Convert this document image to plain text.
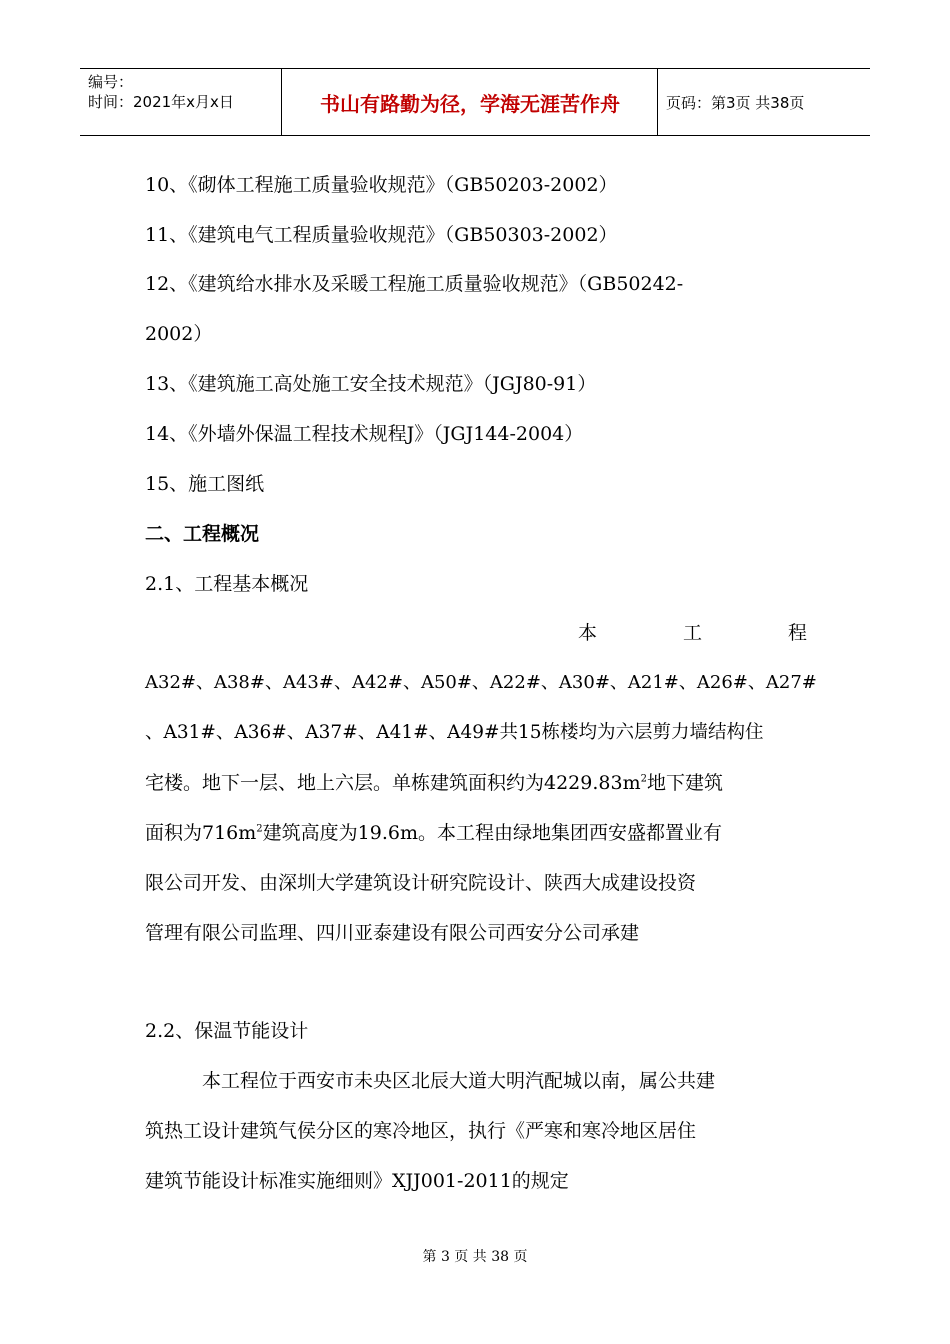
编号：
时间：2021年x月x日	书山有路勤为径，学海无涯苦作舟	页码：第3页 共38页
10、《砌体工程施工质量验收规范》（GB50203-2002）
11、《建筑电气工程质量验收规范》（GB50303-2002）
12、《建筑给水排水及采暖工程施工质量验收规范》（GB50242-
2002）
13、《建筑施工高处施工安全技术规范》（JGJ80-91）
14、《外墙外保温工程技术规程J》（JGJ144-2004）
15、施工图纸
二、工程概况
2.1、工程基本概况
本	工	程
A32#、A38#、A43#、A42#、A50#、A22#、A30#、A21#、A26#、A27#
、A31#、A36#、A37#、A41#、A49#共15栋楼均为六层剪力墙结构住
宅楼。地下一层、地上六层。单栋建筑面积约为$4229.83m^2$地下建筑
面积为$716m^2$建筑高度为19.6m。本工程由绿地集团西安盛都置业有
限公司开发、由深圳大学建筑设计研究院设计、陕西大成建设投资
管理有限公司监理、四川亚泰建设有限公司西安分公司承建
2.2、保温节能设计
本工程位于西安市未央区北辰大道大明汽配城以南，属公共建
筑热工设计建筑气侯分区的寒冷地区，执行《严寒和寒冷地区居住
建筑节能设计标准实施细则》XJJ001-2011的规定
第 3 页 共 38 页
